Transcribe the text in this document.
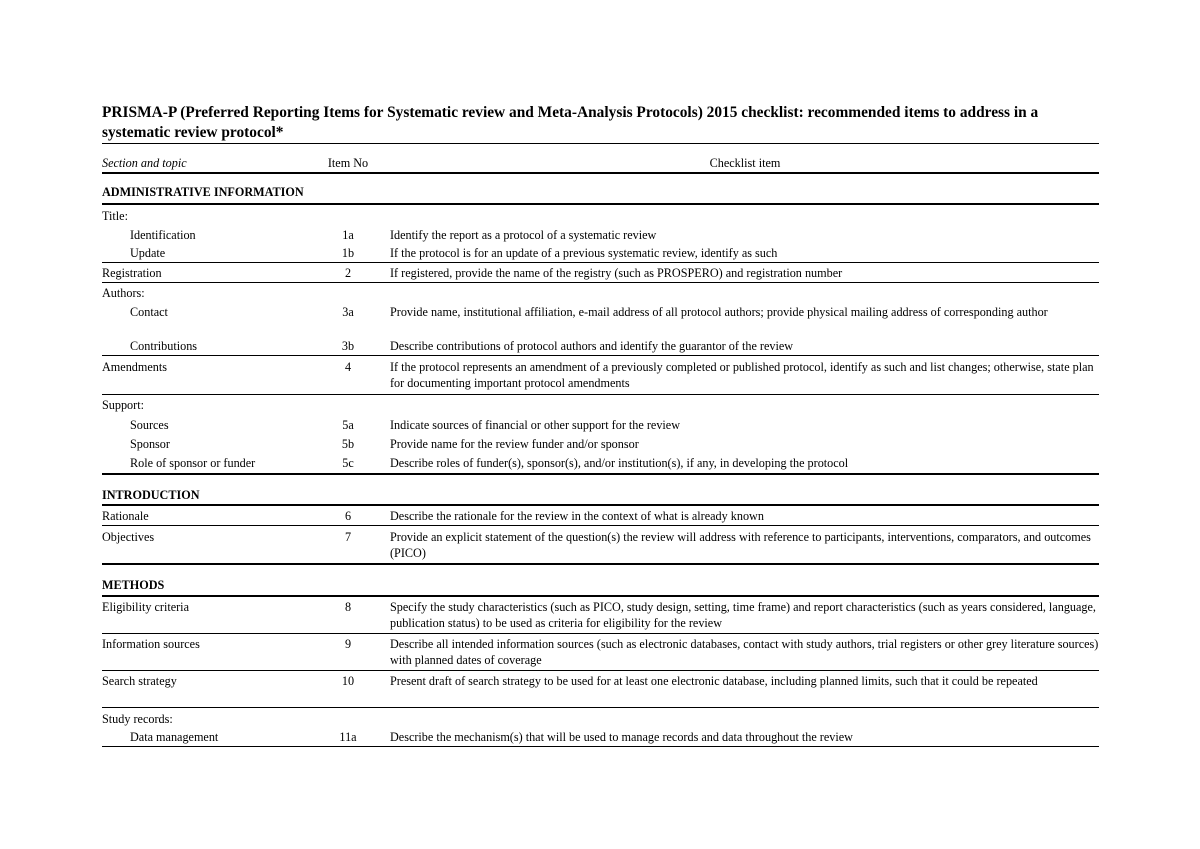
PRISMA-P (Preferred Reporting Items for Systematic review and Meta-Analysis Protocols) 2015 checklist: recommended items to address in a systematic review protocol*
Section and topic	Item No	Checklist item
ADMINISTRATIVE INFORMATION
Title:
Identification	1a	Identify the report as a protocol of a systematic review
Update	1b	If the protocol is for an update of a previous systematic review, identify as such
Registration	2	If registered, provide the name of the registry (such as PROSPERO) and registration number
Authors:
Contact	3a	Provide name, institutional affiliation, e-mail address of all protocol authors; provide physical mailing address of corresponding author
Contributions	3b	Describe contributions of protocol authors and identify the guarantor of the review
Amendments	4	If the protocol represents an amendment of a previously completed or published protocol, identify as such and list changes; otherwise, state plan for documenting important protocol amendments
Support:
Sources	5a	Indicate sources of financial or other support for the review
Sponsor	5b	Provide name for the review funder and/or sponsor
Role of sponsor or funder	5c	Describe roles of funder(s), sponsor(s), and/or institution(s), if any, in developing the protocol
INTRODUCTION
Rationale	6	Describe the rationale for the review in the context of what is already known
Objectives	7	Provide an explicit statement of the question(s) the review will address with reference to participants, interventions, comparators, and outcomes (PICO)
METHODS
Eligibility criteria	8	Specify the study characteristics (such as PICO, study design, setting, time frame) and report characteristics (such as years considered, language, publication status) to be used as criteria for eligibility for the review
Information sources	9	Describe all intended information sources (such as electronic databases, contact with study authors, trial registers or other grey literature sources) with planned dates of coverage
Search strategy	10	Present draft of search strategy to be used for at least one electronic database, including planned limits, such that it could be repeated
Study records:
Data management	11a	Describe the mechanism(s) that will be used to manage records and data throughout the review
